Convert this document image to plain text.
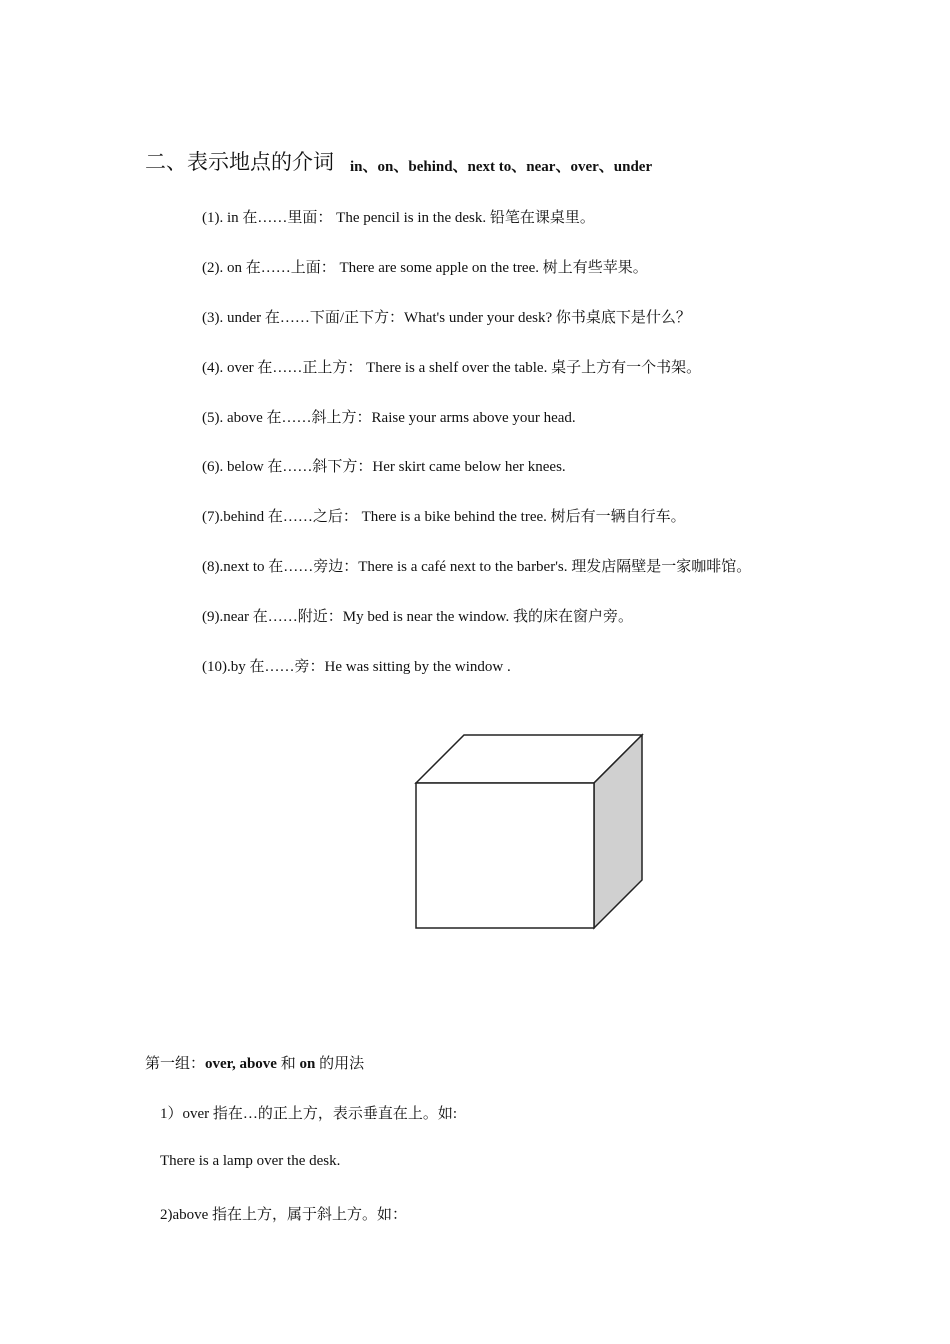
二、表示地点的介词 in、on、behind、next to、near、over、under
(1). in 在……里面： The pencil is in the desk. 铅笔在课桌里。
(2). on 在……上面： There are some apple on the tree. 树上有些苹果。
(3). under 在……下面/正下方：What's under your desk? 你书桌底下是什么？
(4). over 在……正上方： There is a shelf over the table. 桌子上方有一个书架。
(5). above 在……斜上方：Raise your arms above your head.
(6). below 在……斜下方：Her skirt came below her knees.
(7).behind 在……之后： There is a bike behind the tree. 树后有一辆自行车。
(8).next to 在……旁边：There is a café next to the barber's. 理发店隔壁是一家咖啡馆。
(9).near 在……附近：My bed is near the window. 我的床在窗户旁。
(10).by 在……旁：He was sitting by the window .
第一组：over, above 和 on 的用法
1）over 指在…的正上方，表示垂直在上。如:
There is a lamp over the desk.
2)above 指在上方，属于斜上方。如：
